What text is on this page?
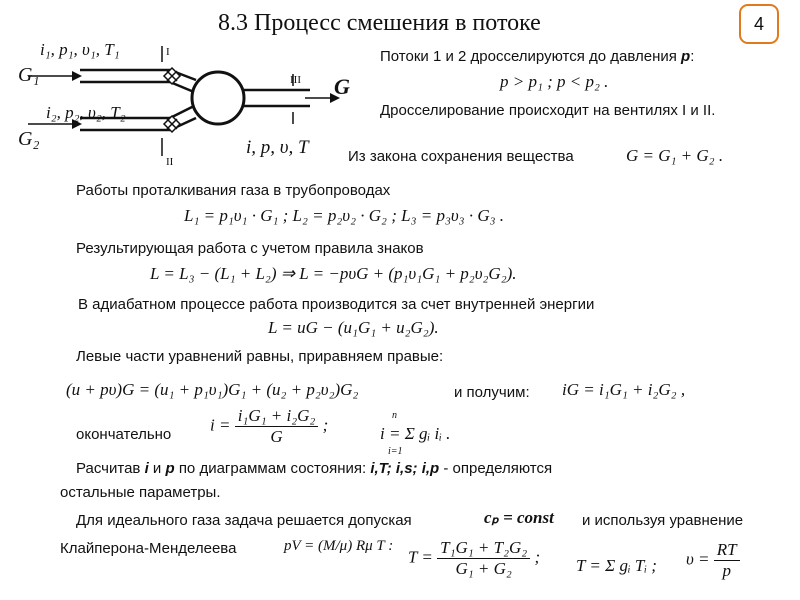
8.3 Процесс смешения в потоке	4
i₁, p₁, υ₁, T₁
i₂, p₂, υ₂, T₂
i, p, υ, T
G₁
G₂
G
I
II
III
Потоки 1 и 2 дросселируются до давления p:
p > p₁ ; p < p₂ .
Дросселирование происходит на вентилях I и II.
Из закона сохранения вещества	G = G₁ + G₂ .
Работы проталкивания газа в трубопроводах
L₁ = p₁υ₁ · G₁ ; L₂ = p₂υ₂ · G₂ ; L₃ = p₃υ₃ · G₃ .
Результирующая работа с учетом правила знаков
L = L₃ − (L₁ + L₂) ⇒ L = −pυG + (p₁υ₁G₁ + p₂υ₂G₂).
В адиабатном процессе работа производится за счет внутренней энергии
L = uG − (u₁G₁ + u₂G₂).
Левые части уравнений равны, приравняем правые:
(u + pυ)G = (u₁ + p₁υ₁)G₁ + (u₂ + p₂υ₂)G₂	и получим: iG = i₁G₁ + i₂G₂ ,
окончательно
$i = \frac{\text{i₁G₁ + i₂G₂}}{G}$ ;	n
i = Σ gᵢ iᵢ .
i=1
Расчитав i и p по диаграммам состояния: i,T; i,s; i,p - определяются
остальные параметры.
Для идеального газа задача решается допуская	cₚ = const и используя уравнение
Клайперона-Менделеева	pV = (M/μ) Rμ T :
$T = \frac{\text{T₁G₁ + T₂G₂}}{\text{G₁ + G₂}}$ ; T = Σ gᵢ Tᵢ ; $\upsilon = \frac{RT}{p}$
